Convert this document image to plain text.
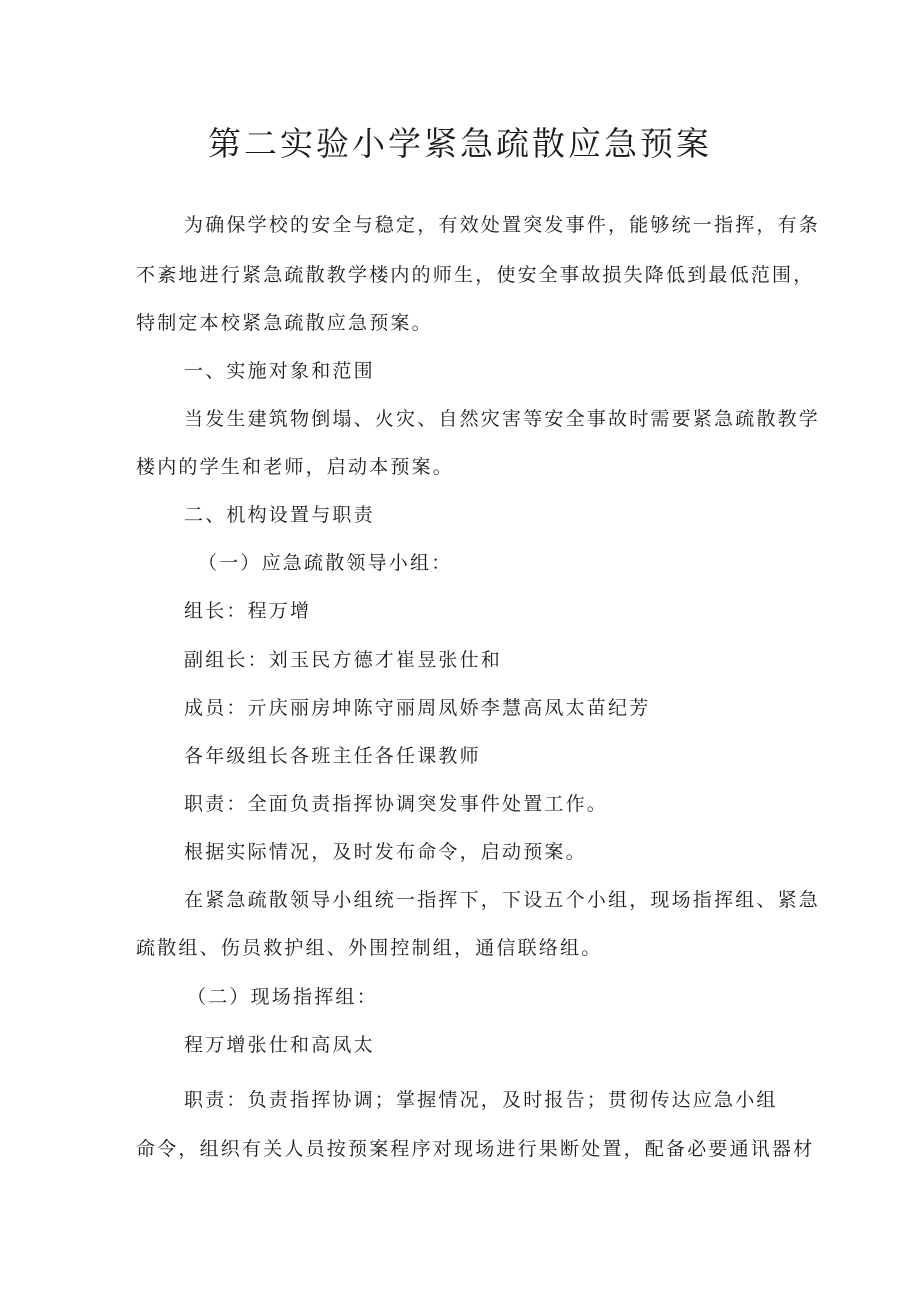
第二实验小学紧急疏散应急预案
为确保学校的安全与稳定，有效处置突发事件，能够统一指挥，有条
不紊地进行紧急疏散教学楼内的师生，使安全事故损失降低到最低范围，
特制定本校紧急疏散应急预案。
一、实施对象和范围
当发生建筑物倒塌、火灾、自然灾害等安全事故时需要紧急疏散教学
楼内的学生和老师，启动本预案。
二、机构设置与职责
（一）应急疏散领导小组：
组长：程万增
副组长：刘玉民方德才崔昱张仕和
成员：亓庆丽房坤陈守丽周凤娇李慧高凤太苗纪芳
各年级组长各班主任各任课教师
职责：全面负责指挥协调突发事件处置工作。
根据实际情况，及时发布命令，启动预案。
在紧急疏散领导小组统一指挥下，下设五个小组，现场指挥组、紧急
疏散组、伤员救护组、外围控制组，通信联络组。
（二）现场指挥组：
程万增张仕和高凤太
职责：负责指挥协调；掌握情况，及时报告；贯彻传达应急小组
命令，组织有关人员按预案程序对现场进行果断处置，配备必要通讯器材
